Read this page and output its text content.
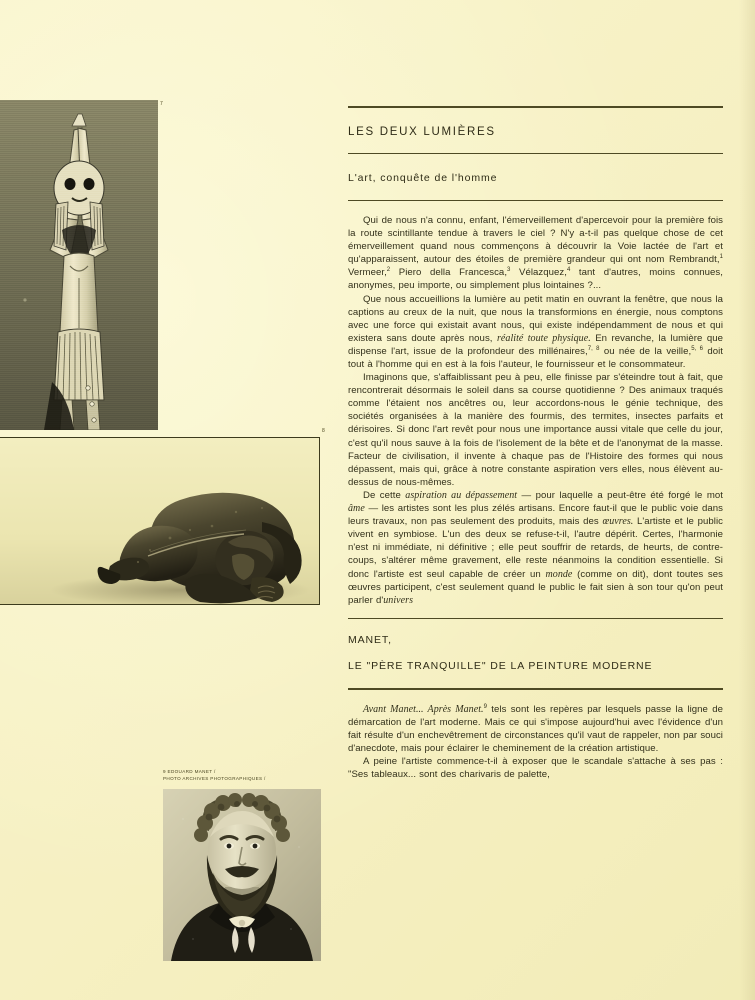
7
8
9 EDOUARD MANET /
PHOTO ARCHIVES PHOTOGRAPHIQUES /
LES DEUX LUMIÈRES
L'art, conquête de l'homme

Qui de nous n'a connu, enfant, l'émerveillement d'apercevoir pour la première fois la route scintillante tendue à travers le ciel ? N'y a-t-il pas quelque chose de cet émerveillement quand nous commençons à découvrir la Voie lactée de l'art et qu'apparaissent, autour des étoiles de première grandeur qui ont nom Rembrandt,$^1$ Vermeer,$^2$ Piero della Francesca,$^3$ Vélazquez,$^4$ tant d'autres, moins connues, anonymes, peu importe, ou simplement plus lointaines ?...

Que nous accueillions la lumière au petit matin en ouvrant la fenêtre, que nous la captions au creux de la nuit, que nous la transformions en énergie, nous comptons avec une force qui existait avant nous, qui existe indépendamment de nous et qui existera sans doute après nous, réalité toute physique. En revanche, la lumière que dispense l'art, issue de la profondeur des millénaires,$^{7, 8}$ ou née de la veille,$^{5, 6}$ doit tout à l'homme qui en est à la fois l'auteur, le fournisseur et le consommateur.

Imaginons que, s'affaiblissant peu à peu, elle finisse par s'éteindre tout à fait, que rencontrerait désormais le soleil dans sa course quotidienne ? Des animaux traqués comme l'étaient nos ancêtres ou, leur accordons-nous le génie technique, des sociétés organisées à la manière des fourmis, des termites, insectes parfaits et dérisoires. Si donc l'art revêt pour nous une importance aussi vitale que celle du jour, c'est qu'il nous sauve à la fois de l'isolement de la bête et de l'anonymat de la masse. Facteur de civilisation, il invente à chaque pas de l'Histoire des formes qui nous dépassent, mais qui, grâce à notre constante aspiration vers elles, nous élèvent au-dessus de nous-mêmes.

De cette aspiration au dépassement — pour laquelle a peut-être été forgé le mot âme — les artistes sont les plus zélés artisans. Encore faut-il que le public voie dans leurs travaux, non pas seulement des produits, mais des œuvres. L'artiste et le public vivent en symbiose. L'un des deux se refuse-t-il, l'autre dépérit. Certes, l'harmonie n'est ni immédiate, ni définitive ; elle peut souffrir de retards, de heurts, de contre-coups, s'altérer même gravement, elle reste néanmoins la condition essentielle. Si donc l'artiste est seul capable de créer un monde (comme on dit), dont toutes ses œuvres participent, c'est seulement quand le public le fait sien à son tour qu'on peut parler d'univers

MANET,
LE "PÈRE TRANQUILLE" DE LA PEINTURE MODERNE

Avant Manet... Après Manet.$^9$ tels sont les repères par lesquels passe la ligne de démarcation de l'art moderne. Mais ce qui s'impose aujourd'hui avec l'évidence d'un fait résulte d'un enchevêtrement de circonstances qu'il vaut de rappeler, non par souci d'anecdote, mais pour éclairer le cheminement de la création artistique.

A peine l'artiste commence-t-il à exposer que le scandale s'attache à ses pas : "Ses tableaux... sont des charivaris de palette,
